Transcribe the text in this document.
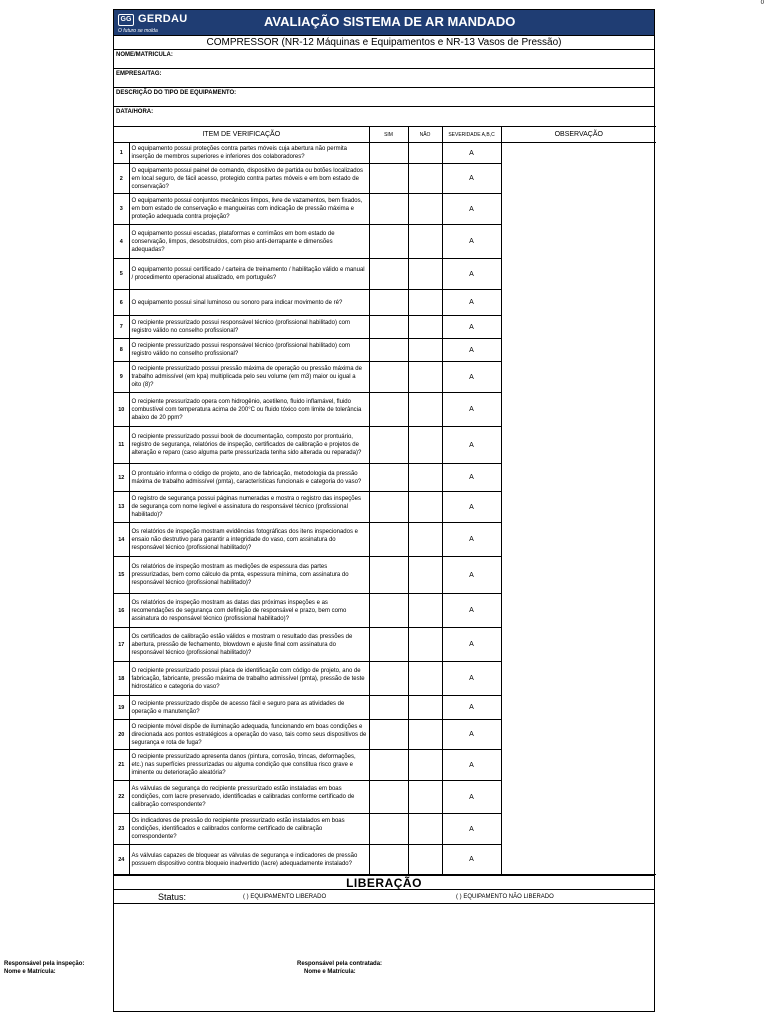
0
GG GERDAU
O futuro se molda
AVALIAÇÃO SISTEMA DE AR MANDADO
COMPRESSOR (NR-12 Máquinas e Equipamentos e NR-13 Vasos de Pressão)
NOME/MATRICULA:
EMPRESA/TAG:
DESCRIÇÃO DO TIPO DE EQUIPAMENTO:
DATA/HORA:
ITEM DE VERIFICAÇÃO		SIM	NÃO	SEVERIDADE A,B,C	OBSERVAÇÃO
1	O equipamento possui proteções contra partes móveis cuja abertura não permita inserção de membros superiores e inferiores dos colaboradores?			A	
2	O equipamento possui painel de comando, dispositivo de partida ou botões localizados em local seguro, de fácil acesso, protegido contra partes móveis e em bom estado de conservação?			A	
3	O equipamento possui conjuntos mecânicos limpos, livre de vazamentos, bem fixados, em bom estado de conservação e mangueiras com indicação de pressão máxima e proteção adequada contra projeção?			A	
4	O equipamento possui escadas, plataformas e corrimãos em bom estado de conservação, limpos, desobstruídos, com piso anti-derrapante e dimensões adequadas?			A	
5	O equipamento possui certificado / carteira de treinamento / habilitação válido e manual / procedimento operacional atualizado, em português?			A	
6	O equipamento possui sinal luminoso ou sonoro para indicar movimento de ré?			A	
7	O recipiente pressurizado possui responsável técnico (profissional habilitado) com registro válido no conselho profissional?			A	
8	O recipiente pressurizado possui responsável técnico (profissional habilitado) com registro válido no conselho profissional?			A	
9	O recipiente pressurizado possui pressão máxima de operação ou pressão máxima de trabalho admissível (em kpa) multiplicada pelo seu volume (em m3) maior ou igual a oito (8)?			A	
10	O recipiente pressurizado opera com hidrogênio, acetileno, fluido inflamável, fluido combustível com temperatura acima de 200°C ou fluido tóxico com limite de tolerância abaixo de 20 ppm?			A	
11	O recipiente pressurizado possui book de documentação, composto por prontuário, registro de segurança, relatórios de inspeção, certificados de calibração e projetos de alteração e reparo (caso alguma parte pressurizada tenha sido alterada ou reparada)?			A	
12	O prontuário informa o código de projeto, ano de fabricação, metodologia da pressão máxima de trabalho admissível (pmta), características funcionais e categoria do vaso?			A	
13	O registro de segurança possui páginas numeradas e mostra o registro das inspeções de segurança com nome legível e assinatura do responsável técnico (profissional habilitado)?			A	
14	Os relatórios de inspeção mostram evidências fotográficas dos itens inspecionados e ensaio não destrutivo para garantir a integridade do vaso, com assinatura do responsável técnico (profissional habilitado)?			A	
15	Os relatórios de inspeção mostram as medições de espessura das partes pressurizadas, bem como cálculo da pmta, espessura mínima, com assinatura do responsável técnico (profissional habilitado)?			A	
16	Os relatórios de inspeção mostram as datas das próximas inspeções e as recomendações de segurança com definição de responsável e prazo, bem como assinatura do responsável técnico (profissional habilitado)?			A	
17	Os certificados de calibração estão válidos e mostram o resultado das pressões de abertura, pressão de fechamento, blowdown e ajuste final com assinatura do responsável técnico (profissional habilitado)?			A	
18	O recipiente pressurizado possui placa de identificação com código de projeto, ano de fabricação, fabricante, pressão máxima de trabalho admissível (pmta), pressão de teste hidrostático e categoria do vaso?			A	
19	O recipiente pressurizado dispõe de acesso fácil e seguro para as atividades de operação e manutenção?			A	
20	O recipiente móvel dispõe de iluminação adequada, funcionando em boas condições e direcionada aos pontos estratégicos a operação do vaso, tais como seus dispositivos de segurança e rota de fuga?			A	
21	O recipiente pressurizado apresenta danos (pintura, corrosão, trincas, deformações, etc.) nas superfícies pressurizadas ou alguma condição que constitua risco grave e iminente ou deterioração aleatória?			A	
22	As válvulas de segurança do recipiente pressurizado estão instaladas em boas condições, com lacre preservado, identificadas e calibradas conforme certificado de calibração correspondente?			A	
23	Os indicadores de pressão do recipiente pressurizado estão instalados em boas condições, identificados e calibrados conforme certificado de calibração correspondente?			A	
24	As válvulas capazes de bloquear as válvulas de segurança e indicadores de pressão possuem dispositivo contra bloqueio inadvertido (lacre) adequadamente instalado?			A	
LIBERAÇÃO
Status:	( ) EQUIPAMENTO LIBERADO	( ) EQUIPAMENTO NÃO LIBERADO
Responsável pela inspeção:
Nome e Matrícula:
Responsável pela contratada:
Nome e Matrícula:
